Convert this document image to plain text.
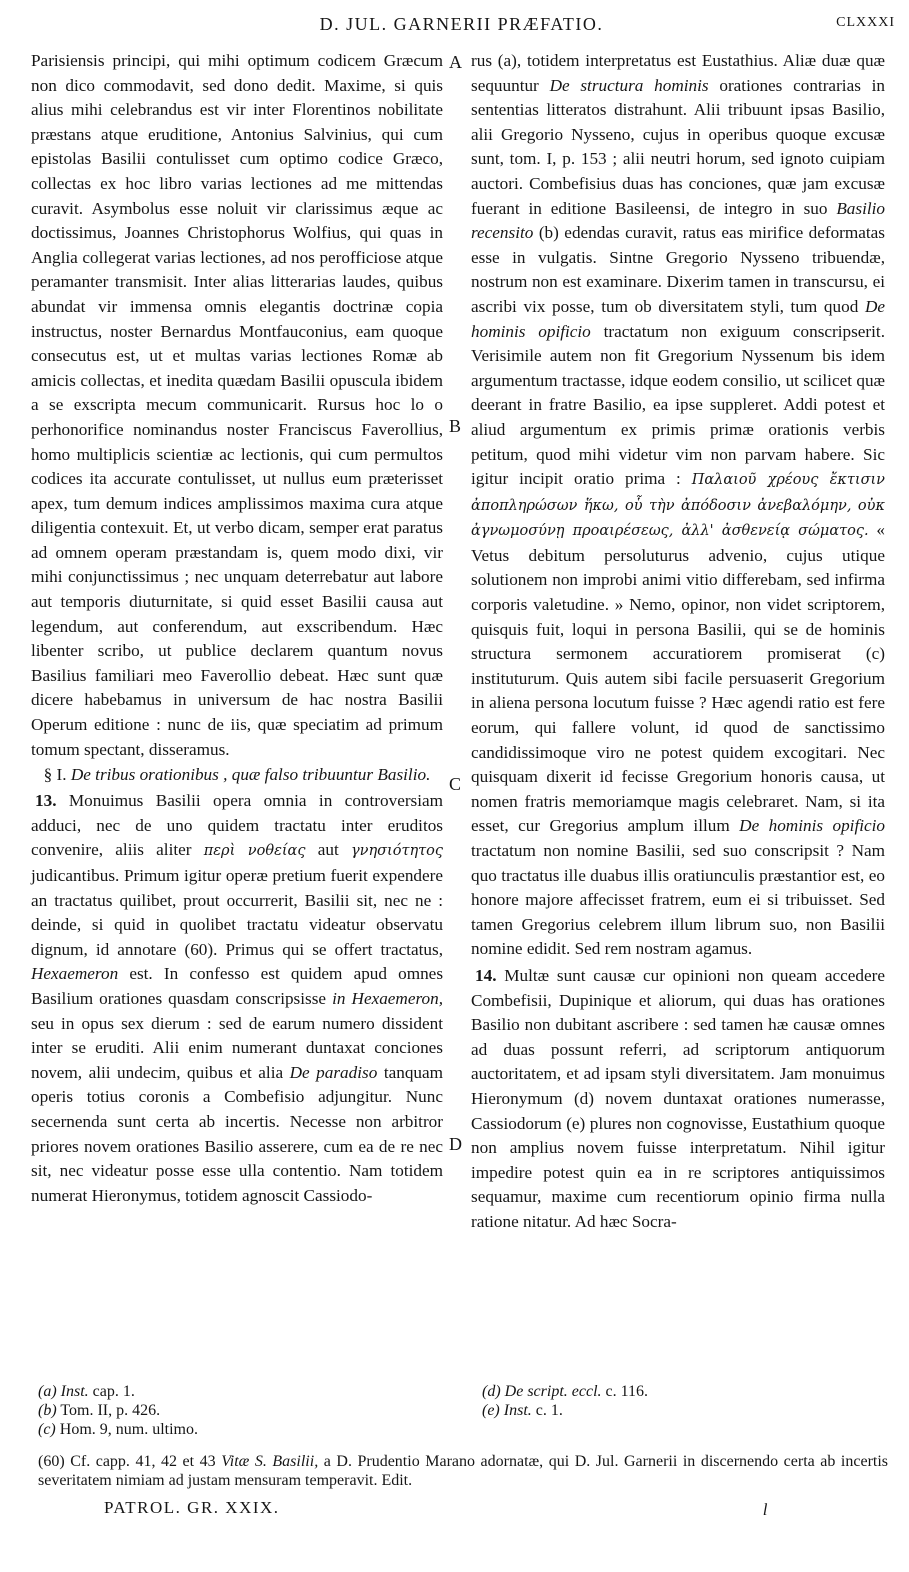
D. JUL. GARNERII PRÆFATIO.	CLXXXI

Parisiensis principi, qui mihi optimum codicem Græcum non dico commodavit, sed dono dedit. Maxime, si quis alius mihi celebrandus est vir inter Florentinos nobilitate præstans atque eruditione, Antonius Salvinius, qui cum epistolas Basilii contulisset cum optimo codice Græco, collectas ex hoc libro varias lectiones ad me mittendas curavit. Asymbolus esse noluit vir clarissimus æque ac doctissimus, Joannes Christophorus Wolfius, qui quas in Anglia collegerat varias lectiones, ad nos perofficiose atque peramanter transmisit. Inter alias litterarias laudes, quibus abundat vir immensa omnis elegantis doctrinæ copia instructus, noster Bernardus Montfauconius, eam quoque consecutus est, ut et multas varias lectiones Romæ ab amicis collectas, et inedita quædam Basilii opuscula ibidem a se exscripta mecum communicarit. Rursus hoc lo o perhonorifice nominandus noster Franciscus Faverollius, homo multiplicis scientiæ ac lectionis, qui cum permultos codices ita accurate contulisset, ut nullus eum præterisset apex, tum demum indices amplissimos maxima cura atque diligentia contexuit. Et, ut verbo dicam, semper erat paratus ad omnem operam præstandam is, quem modo dixi, vir mihi conjunctissimus ; nec unquam deterrebatur aut labore aut temporis diuturnitate, si quid esset Basilii causa aut legendum, aut conferendum, aut exscribendum. Hæc libenter scribo, ut publice declarem quantum novus Basilius familiari meo Faverollio debeat. Hæc sunt quæ dicere habebamus in universum de hac nostra Basilii Operum editione : nunc de iis, quæ speciatim ad primum tomum spectant, disseramus.

§ I. De tribus orationibus , quæ falso tribuuntur Basilio.

13. Monuimus Basilii opera omnia in controversiam adduci, nec de uno quidem tractatu inter eruditos convenire, aliis aliter περὶ νοθείας aut γνησιότητος judicantibus. Primum igitur operæ pretium fuerit expendere an tractatus quilibet, prout occurrerit, Basilii sit, nec ne : deinde, si quid in quolibet tractatu videatur observatu dignum, id annotare (60). Primus qui se offert tractatus, Hexaemeron est. In confesso est quidem apud omnes Basilium orationes quasdam conscripsisse in Hexaemeron, seu in opus sex dierum : sed de earum numero dissident inter se eruditi. Alii enim numerant duntaxat conciones novem, alii undecim, quibus et alia De paradiso tanquam operis totius coronis a Combefisio adjungitur. Nunc secernenda sunt certa ab incertis. Necesse non arbitror priores novem orationes Basilio asserere, cum ea de re nec sit, nec videatur posse esse ulla contentio. Nam totidem numerat Hieronymus, totidem agnoscit Cassiodo-

A
B
C
D

rus (a), totidem interpretatus est Eustathius. Aliæ duæ quæ sequuntur De structura hominis orationes contrarias in sententias litteratos distrahunt. Alii tribuunt ipsas Basilio, alii Gregorio Nysseno, cujus in operibus quoque excusæ sunt, tom. I, p. 153 ; alii neutri horum, sed ignoto cuipiam auctori. Combefisius duas has conciones, quæ jam excusæ fuerant in editione Basileensi, de integro in suo Basilio recensito (b) edendas curavit, ratus eas mirifice deformatas esse in vulgatis. Sintne Gregorio Nysseno tribuendæ, nostrum non est examinare. Dixerim tamen in transcursu, ei ascribi vix posse, tum ob diversitatem styli, tum quod De hominis opificio tractatum non exiguum conscripserit. Verisimile autem non fit Gregorium Nyssenum bis idem argumentum tractasse, idque eodem consilio, ut scilicet quæ deerant in fratre Basilio, ea ipse suppleret. Addi potest et aliud argumentum ex primis primæ orationis verbis petitum, quod mihi videtur vim non parvam habere. Sic igitur incipit oratio prima : Παλαιοῦ χρέους ἔκτισιν ἀποπληρώσων ἥκω, οὗ τὴν ἀπόδοσιν ἀνεβαλόμην, οὐκ ἀγνωμοσύνῃ προαιρέσεως, ἀλλ' ἀσθενείᾳ σώματος. « Vetus debitum persoluturus advenio, cujus utique solutionem non improbi animi vitio differebam, sed infirma corporis valetudine. » Nemo, opinor, non videt scriptorem, quisquis fuit, loqui in persona Basilii, qui se de hominis structura sermonem accuratiorem promiserat (c) instituturum. Quis autem sibi facile persuaserit Gregorium in aliena persona locutum fuisse ? Hæc agendi ratio est fere eorum, qui fallere volunt, id quod de sanctissimo candidissimoque viro ne potest quidem excogitari. Nec quisquam dixerit id fecisse Gregorium honoris causa, ut nomen fratris memoriamque magis celebraret. Nam, si ita esset, cur Gregorius amplum illum De hominis opificio tractatum non nomine Basilii, sed suo conscripsit ? Nam quo tractatus ille duabus illis oratiunculis præstantior est, eo honore majore affecisset fratrem, eum ei si tribuisset. Sed tamen Gregorius celebrem illum librum suo, non Basilii nomine edidit. Sed rem nostram agamus.

14. Multæ sunt causæ cur opinioni non queam accedere Combefisii, Dupinique et aliorum, qui duas has orationes Basilio non dubitant ascribere : sed tamen hæ causæ omnes ad duas possunt referri, ad scriptorum antiquorum auctoritatem, et ad ipsam styli diversitatem. Jam monuimus Hieronymum (d) novem duntaxat orationes numerasse, Cassiodorum (e) plures non cognovisse, Eustathium quoque non amplius novem fuisse interpretatum. Nihil igitur impedire potest quin ea in re scriptores antiquissimos sequamur, maxime cum recentiorum opinio firma nulla ratione nitatur. Ad hæc Socra-

(a) Inst. cap. 1.
(b) Tom. II, p. 426.
(c) Hom. 9, num. ultimo.
(d) De script. eccl. c. 116.
(e) Inst. c. 1.
(60) Cf. capp. 41, 42 et 43 Vitæ S. Basilii, a D. Prudentio Marano adornatæ, qui D. Jul. Garnerii in discernendo certa ab incertis severitatem nimiam ad justam mensuram temperavit. Edit.
PATROL. GR. XXIX.	l
